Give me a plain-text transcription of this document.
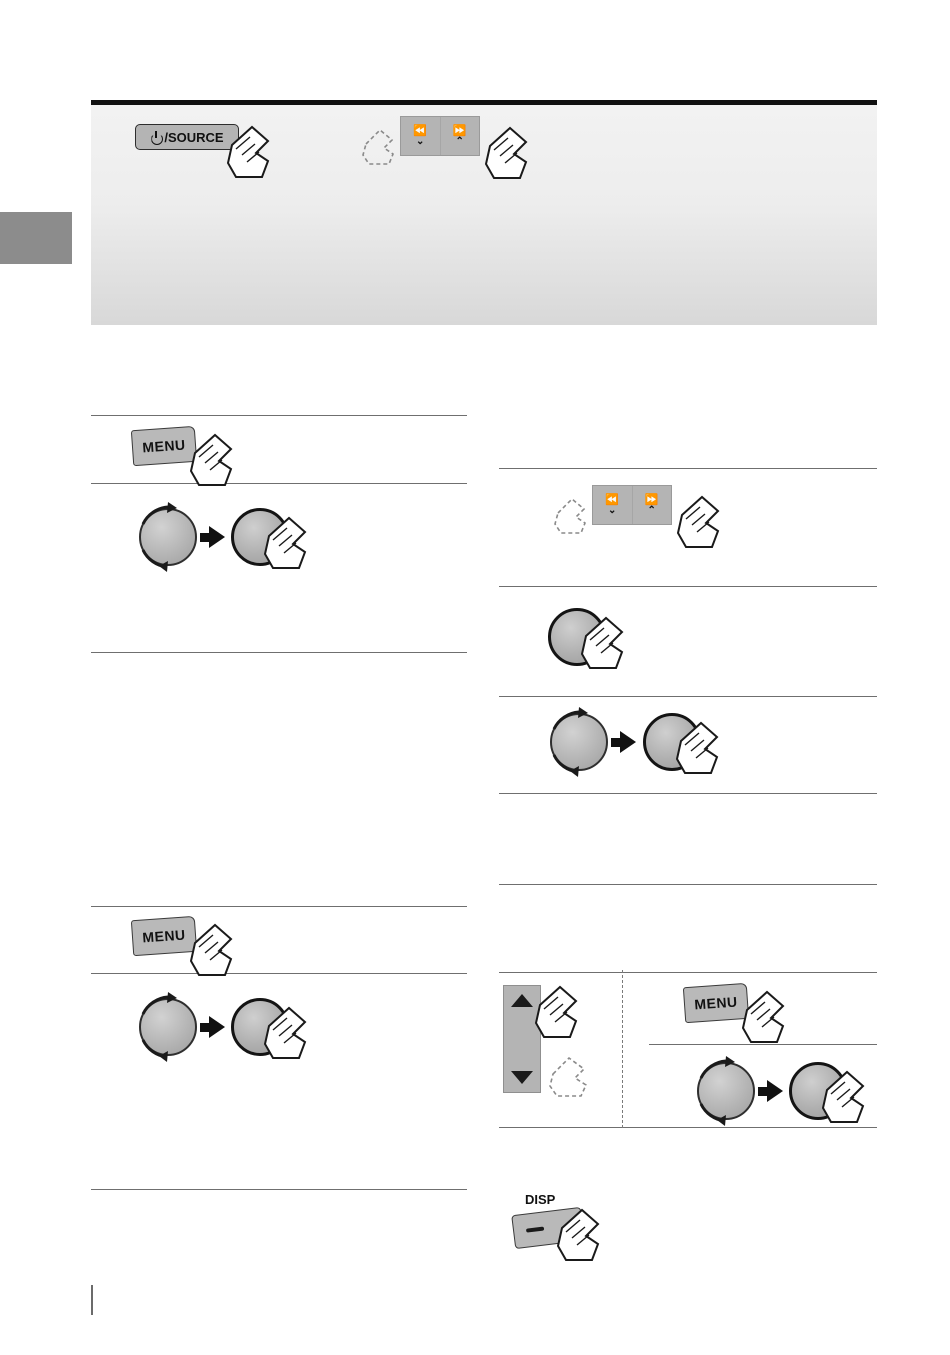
/SOURCE	⏪
⌄
⏩
⌃
MENU
MENU
⏪
⌄
⏩
⌃
MENU
DISP
